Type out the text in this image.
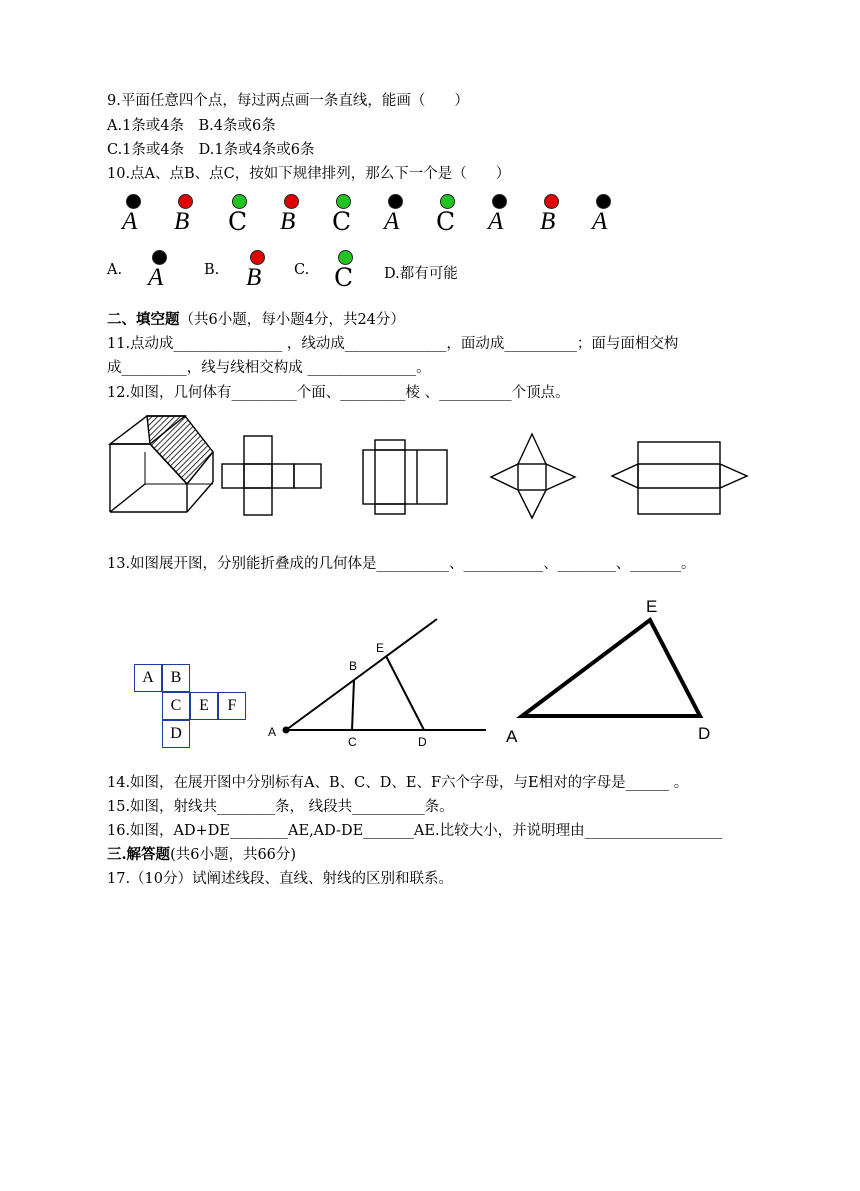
9.平面任意四个点，每过两点画一条直线，能画（　　）
A.1条或4条　B.4条或6条
C.1条或4条　D.1条或4条或6条
10.点A、点B、点C，按如下规律排列，那么下一个是（　　）
A B C B C A C A B A
A. A	B. B C. C D.都有可能
二、填空题（共6小题，每小题4分，共24分）
11.点动成_______________ ，线动成______________，面动成__________；面与面相交构
成_________，线与线相交构成 _______________。
12.如图，几何体有_________个面、_________棱 、__________个顶点。
13.如图展开图，分别能折叠成的几何体是__________、___________、________、_______。
A	B
C	E	F
D	A
B
C	D
E
A
E
D
14.如图，在展开图中分别标有A、B、C、D、E、F六个字母，与E相对的字母是______ 。
15.如图，射线共________条， 线段共__________条。
16.如图，AD+DE________AE,AD-DE_______AE.比较大小，并说明理由___________________
三.解答题(共6小题，共66分)
17.（10分）试阐述线段、直线、射线的区别和联系。
